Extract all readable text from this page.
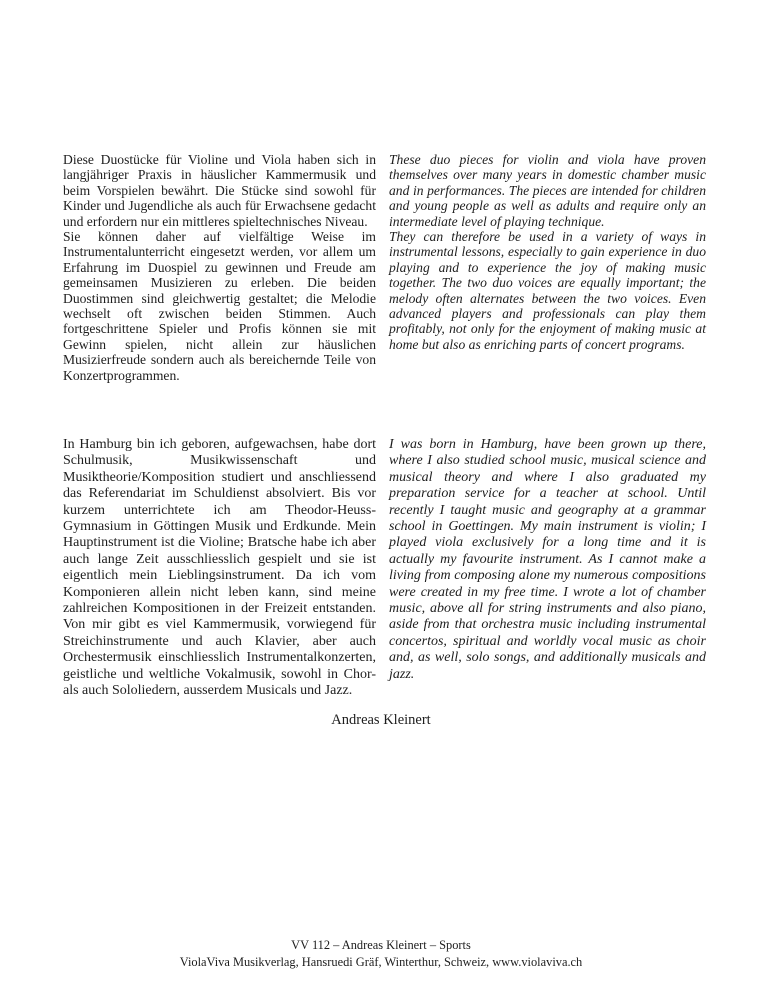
Diese Duostücke für Violine und Viola haben sich in langjähriger Praxis in häuslicher Kammermusik und beim Vorspielen bewährt. Die Stücke sind sowohl für Kinder und Jugendliche als auch für Erwachsene gedacht und erfordern nur ein mittleres spieltechnisches Niveau.

Sie können daher auf vielfältige Weise im Instrumentalunterricht eingesetzt werden, vor allem um Erfahrung im Duospiel zu gewinnen und Freude am gemeinsamen Musizieren zu erleben. Die beiden Duostimmen sind gleichwertig gestaltet; die Melodie wechselt oft zwischen beiden Stimmen. Auch fortgeschrittene Spieler und Profis können sie mit Gewinn spielen, nicht allein zur häuslichen Musizierfreude sondern auch als bereichernde Teile von Konzertprogrammen.

These duo pieces for violin and viola have proven themselves over many years in domestic chamber music and in performances. The pieces are intended for children and young people as well as adults and require only an intermediate level of playing technique.

They can therefore be used in a variety of ways in instrumental lessons, especially to gain experience in duo playing and to experience the joy of making music together. The two duo voices are equally important; the melody often alternates between the two voices. Even advanced players and professionals can play them profitably, not only for the enjoyment of making music at home but also as enriching parts of concert programs.

In Hamburg bin ich geboren, aufgewachsen, habe dort Schulmusik, Musikwissenschaft und Musiktheorie/Komposition studiert und anschliessend das Referendariat im Schuldienst absolviert. Bis vor kurzem unterrichtete ich am Theodor-Heuss-Gymnasium in Göttingen Musik und Erdkunde. Mein Hauptinstrument ist die Violine; Bratsche habe ich aber auch lange Zeit ausschliesslich gespielt und sie ist eigentlich mein Lieblingsinstrument. Da ich vom Komponieren allein nicht leben kann, sind meine zahlreichen Kompositionen in der Freizeit entstanden. Von mir gibt es viel Kammermusik, vorwiegend für Streichinstrumente und auch Klavier, aber auch Orchestermusik einschliesslich Instrumentalkonzerten, geistliche und weltliche Vokalmusik, sowohl in Chor- als auch Sololiedern, ausserdem Musicals und Jazz.

I was born in Hamburg, have been grown up there, where I also studied school music, musical science and musical theory and where I also graduated my preparation service for a teacher at school. Until recently I taught music and geography at a grammar school in Goettingen. My main instrument is violin; I played viola exclusively for a long time and it is actually my favourite instrument. As I cannot make a living from composing alone my numerous compositions were created in my free time. I wrote a lot of chamber music, above all for string instruments and also piano, aside from that orchestra music including instrumental concertos, spiritual and worldly vocal music as choir and, as well, solo songs, and additionally musicals and jazz.

Andreas Kleinert
VV 112 – Andreas Kleinert – Sports
ViolaViva Musikverlag, Hansruedi Gräf, Winterthur, Schweiz, www.violaviva.ch
